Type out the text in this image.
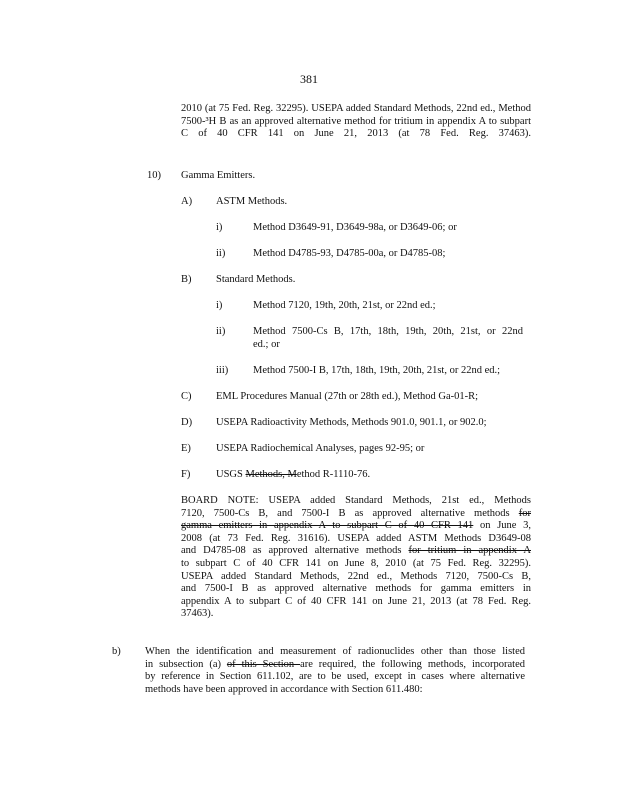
381
2010 (at 75 Fed. Reg. 32295). USEPA added Standard Methods, 22nd ed., Method 7500-³H B as an approved alternative method for tritium in appendix A to subpart C of 40 CFR 141 on June 21, 2013 (at 78 Fed. Reg. 37463).
10) Gamma Emitters.
A) ASTM Methods.
i)	Method D3649-91, D3649-98a, or D3649-06; or
ii)	Method D4785-93, D4785-00a, or D4785-08;
B) Standard Methods.
i)	Method 7120, 19th, 20th, 21st, or 22nd ed.;
ii)	Method 7500-Cs B, 17th, 18th, 19th, 20th, 21st, or 22nd
ed.; or
iii) Method 7500-I B, 17th, 18th, 19th, 20th, 21st, or 22nd ed.;
C) EML Procedures Manual (27th or 28th ed.), Method Ga-01-R;
D) USEPA Radioactivity Methods, Methods 901.0, 901.1, or 902.0;
E) USEPA Radiochemical Analyses, pages 92-95; or
F) USGS Methods, Method R-1110-76.
BOARD NOTE: USEPA added Standard Methods, 21st ed., Methods
7120, 7500-Cs B, and 7500-I B as approved alternative methods for
gamma emitters in appendix A to subpart C of 40 CFR 141 on June 3,
2008 (at 73 Fed. Reg. 31616). USEPA added ASTM Methods D3649-08
and D4785-08 as approved alternative methods for tritium in appendix A
to subpart C of 40 CFR 141 on June 8, 2010 (at 75 Fed. Reg. 32295).
USEPA added Standard Methods, 22nd ed., Methods 7120, 7500-Cs B,
and 7500-I B as approved alternative methods for gamma emitters in
appendix A to subpart C of 40 CFR 141 on June 21, 2013 (at 78 Fed. Reg.
37463).
b) When the identification and measurement of radionuclides other than those listed
in subsection (a) of this Section are required, the following methods, incorporated
by reference in Section 611.102, are to be used, except in cases where alternative
methods have been approved in accordance with Section 611.480:
